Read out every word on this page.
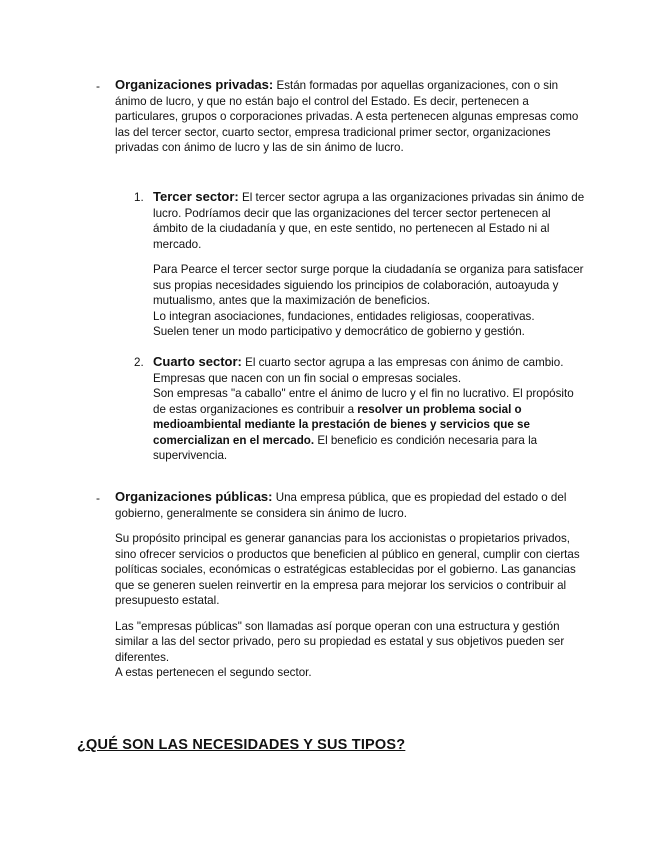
- Organizaciones privadas: Están formadas por aquellas organizaciones, con o sin ánimo de lucro, y que no están bajo el control del Estado. Es decir, pertenecen a particulares, grupos o corporaciones privadas. A esta pertenecen algunas empresas como las del tercer sector, cuarto sector, empresa tradicional primer sector, organizaciones privadas con ánimo de lucro y las de sin ánimo de lucro.

1. Tercer sector: El tercer sector agrupa a las organizaciones privadas sin ánimo de lucro. Podríamos decir que las organizaciones del tercer sector pertenecen al ámbito de la ciudadanía y que, en este sentido, no pertenecen al Estado ni al mercado.

Para Pearce el tercer sector surge porque la ciudadanía se organiza para satisfacer sus propias necesidades siguiendo los principios de colaboración, autoayuda y mutualismo, antes que la maximización de beneficios.
Lo integran asociaciones, fundaciones, entidades religiosas, cooperativas.
Suelen tener un modo participativo y democrático de gobierno y gestión.

2. Cuarto sector: El cuarto sector agrupa a las empresas con ánimo de cambio. Empresas que nacen con un fin social o empresas sociales.
Son empresas "a caballo" entre el ánimo de lucro y el fin no lucrativo. El propósito de estas organizaciones es contribuir a resolver un problema social o medioambiental mediante la prestación de bienes y servicios que se comercializan en el mercado. El beneficio es condición necesaria para la supervivencia.

- Organizaciones públicas: Una empresa pública, que es propiedad del estado o del gobierno, generalmente se considera sin ánimo de lucro.

Su propósito principal es generar ganancias para los accionistas o propietarios privados, sino ofrecer servicios o productos que beneficien al público en general, cumplir con ciertas políticas sociales, económicas o estratégicas establecidas por el gobierno. Las ganancias que se generen suelen reinvertir en la empresa para mejorar los servicios o contribuir al presupuesto estatal.

Las "empresas públicas" son llamadas así porque operan con una estructura y gestión similar a las del sector privado, pero su propiedad es estatal y sus objetivos pueden ser diferentes.
A estas pertenecen el segundo sector.

¿QUÉ SON LAS NECESIDADES Y SUS TIPOS?
